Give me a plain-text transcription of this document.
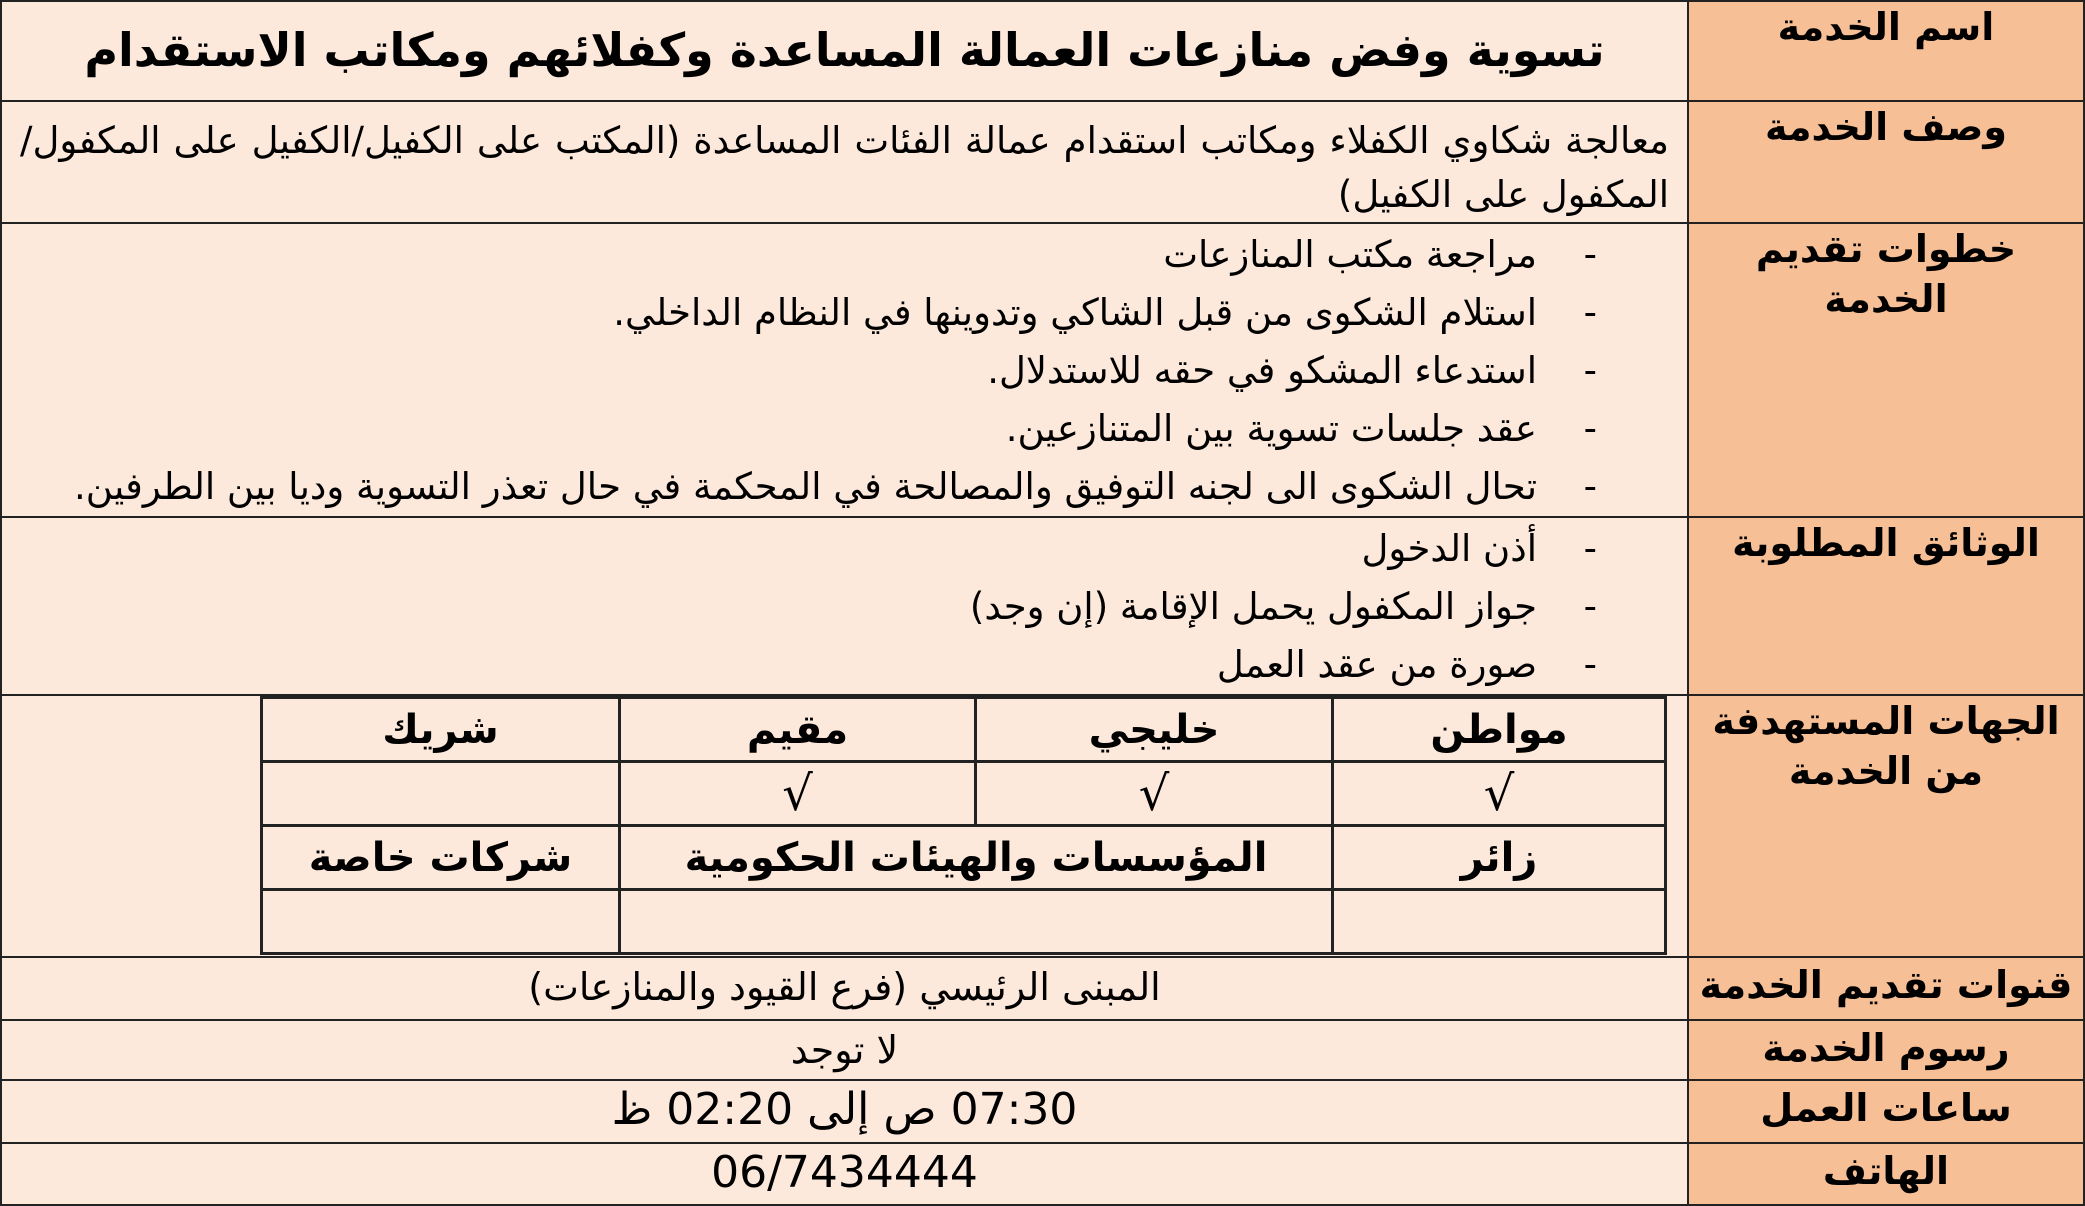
اسم الخدمة	
تسوية وفض منازعات العمالة المساعدة وكفلائهم ومكاتب الاستقدام

وصف الخدمة	
معالجة شكاوي الكفلاء ومكاتب استقدام عمالة الفئات المساعدة (المكتب على الكفيل/الكفيل على المكفول/المكفول على الكفيل)

خطوات تقديم الخدمة	
-
مراجعة مكتب المنازعات
-
استلام الشكوى من قبل الشاكي وتدوينها في النظام الداخلي.
-
استدعاء المشكو في حقه للاستدلال.
-
عقد جلسات تسوية بين المتنازعين.
-
تحال الشكوى الى لجنه التوفيق والمصالحة في المحكمة في حال تعذر التسوية وديا بين الطرفين.

الوثائق المطلوبة	
-
أذن الدخول
-
جواز المكفول يحمل الإقامة (إن وجد)
-
صورة من عقد العمل

الجهات المستهدفة
من الخدمة

مواطن	خليجي	مقيم	شريك
√	√	√	
زائر	المؤسسات والهيئات الحكومية	شركات خاصة

قنوات تقديم الخدمة	المبنى الرئيسي (فرع القيود والمنازعات)
رسوم الخدمة	لا توجد
ساعات العمل	07:30 ص إلى 02:20 ظ
الهاتف	06/7434444
